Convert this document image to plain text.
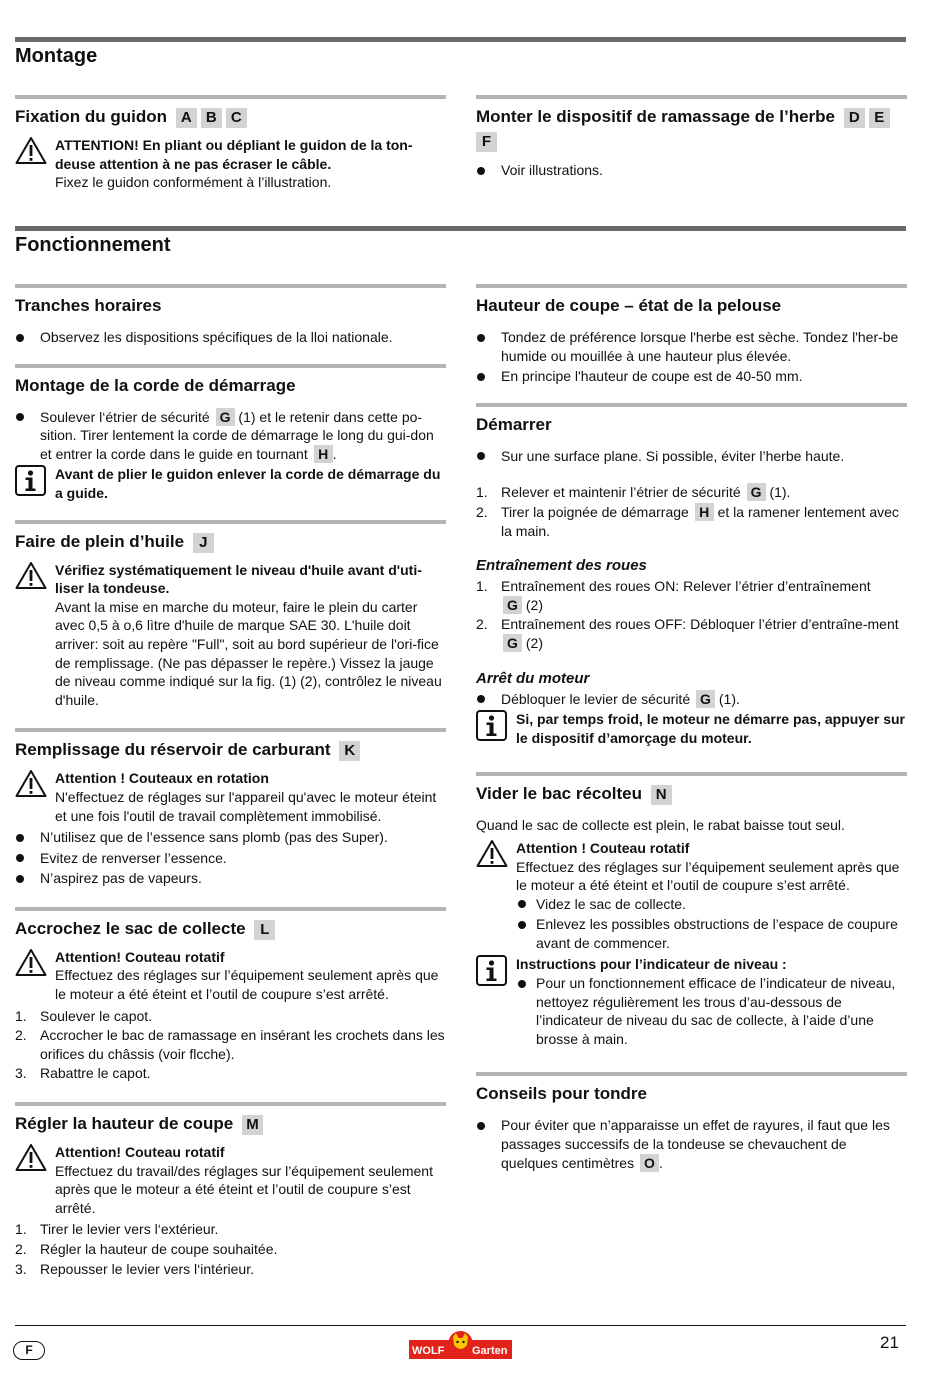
Montage
Fixation du guidon A B C
ATTENTION! En pliant ou dépliant le guidon de la ton-deuse attention à ne pas écraser le câble.
Fixez le guidon conformément à l’illustration.
Monter le dispositif de ramassage de l’herbe D E
F
Voir illustrations.
Fonctionnement
Tranches horaires
Observez les dispositions spécifiques de la lloi nationale.
Montage de la corde de démarrage
Soulever l‘étrier de sécurité G (1) et le retenir dans cette po-sition. Tirer lentement la corde de démarrage le long du gui-don et entrer la corde dans le guide en tournant H .
Avant de plier le guidon enlever la corde de démarrage du a guide.
Faire de plein d’huile J
Vérifiez systématiquement le niveau d'huile avant d'uti-liser la tondeuse.
Avant la mise en marche du moteur, faire le plein du carter avec 0,5 à o,6 lìtre d'huile de marque SAE 30. L'huile doit arriver: soit au repère "Full", soit au bord supérieur de l'ori-fice de remplissage. (Ne pas dépasser le repère.) Vissez la jauge de niveau comme indiqué sur la fig. (1) (2), contrôlez le niveau d'huile.
Remplissage du réservoir de carburant K
Attention ! Couteaux en rotation
N'effectuez de réglages sur l'appareil qu'avec le moteur éteint et une fois l'outil de travail complètement immobilisé.
N’utilisez que de l’essence sans plomb (pas des Super).
Evitez de renverser l’essence.
N’aspirez pas de vapeurs.
Accrochez le sac de collecte L
Attention! Couteau rotatif
Effectuez des réglages sur l’équipement seulement après que le moteur a été éteint et l’outil de coupure s’est arrêté.
1. Soulever le capot.
2. Accrocher le bac de ramassage en insérant les crochets dans les orifices du châssis (voir flcche).
3. Rabattre le capot.
Régler la hauteur de coupe M
Attention! Couteau rotatif
Effectuez du travail/des réglages sur l’équipement seulement après que le moteur a été éteint et l’outil de coupure s’est arrêté.
1. Tirer le levier vers l‘extérieur.
2. Régler la hauteur de coupe souhaitée.
3. Repousser le levier vers l‘intérieur.
Hauteur de coupe – état de la pelouse
Tondez de préférence lorsque l'herbe est sèche. Tondez l'her-be humide ou mouillée à une hauteur plus élevée.
En principe l'hauteur de coupe est de 40-50 mm.
Démarrer
Sur une surface plane. Si possible, éviter l’herbe haute.
1. Relever et maintenir l’étrier de sécurité G (1).
2. Tirer la poignée de démarrage H et la ramener lentement avec la main.
Entraînement des roues
1. Entraînement des roues ON: Relever l’étrier d’entraînement
G (2)
2. Entraînement des roues OFF: Débloquer l’étrier d’entraîne-ment G (2)
Arrêt du moteur
Débloquer le levier de sécurité G (1).
Si, par temps froid, le moteur ne démarre pas, appuyer sur le dispositif d’amorçage du moteur.
Vider le bac récolteu N
Quand le sac de collecte est plein, le rabat baisse tout seul.
Attention ! Couteau rotatif
Effectuez des réglages sur l’équipement seulement après que le moteur a été éteint et l’outil de coupure s’est arrêté.
Videz le sac de collecte.
Enlevez les possibles obstructions de l’espace de coupure avant de commencer.
Instructions pour l’indicateur de niveau :
Pour un fonctionnement efficace de l’indicateur de niveau, nettoyez régulièrement les trous d’au-dessous de l’indicateur de niveau du sac de collecte, à l’aide d’une brosse à main.
Conseils pour tondre
Pour éviter que n’apparaisse un effet de rayures, il faut que les passages successifs de la tondeuse se chevauchent de quelques centimètres O .
F	WOLF	Garten	21
